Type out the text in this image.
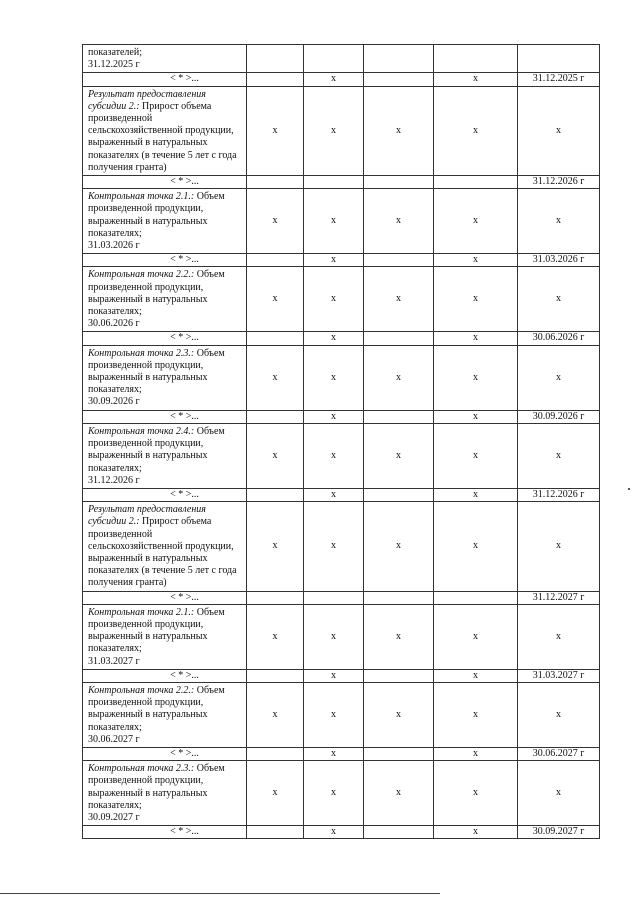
показателей;
31.12.2025 г					
< * >...		x		x	31.12.2025 г
Результат предоставления субсидии 2.: Прирост объема произведенной сельскохозяйственной продукции, выраженный в натуральных показателях (в течение 5 лет с года получения гранта)	x	x	x	x	x
< * >...					31.12.2026 г
Контрольная точка 2.1.: Объем произведенной продукции, выраженный в натуральных показателях;
31.03.2026 г	x	x	x	x	x
< * >...		x		x	31.03.2026 г
Контрольная точка 2.2.: Объем произведенной продукции, выраженный в натуральных показателях;
30.06.2026 г	x	x	x	x	x
< * >...		x		x	30.06.2026 г
Контрольная точка 2.3.: Объем произведенной продукции, выраженный в натуральных показателях;
30.09.2026 г	x	x	x	x	x
< * >...		x		x	30.09.2026 г
Контрольная точка 2.4.: Объем произведенной продукции, выраженный в натуральных показателях;
31.12.2026 г	x	x	x	x	x
< * >...		x		x	31.12.2026 г
Результат предоставления субсидии 2.: Прирост объема произведенной сельскохозяйственной продукции, выраженный в натуральных показателях (в течение 5 лет с года получения гранта)	x	x	x	x	x
< * >...					31.12.2027 г
Контрольная точка 2.1.: Объем произведенной продукции, выраженный в натуральных показателях;
31.03.2027 г	x	x	x	x	x
< * >...		x		x	31.03.2027 г
Контрольная точка 2.2.: Объем произведенной продукции, выраженный в натуральных показателях;
30.06.2027 г	x	x	x	x	x
< * >...		x		x	30.06.2027 г
Контрольная точка 2.3.: Объем произведенной продукции, выраженный в натуральных показателях;
30.09.2027 г	x	x	x	x	x
< * >...		x		x	30.09.2027 г
